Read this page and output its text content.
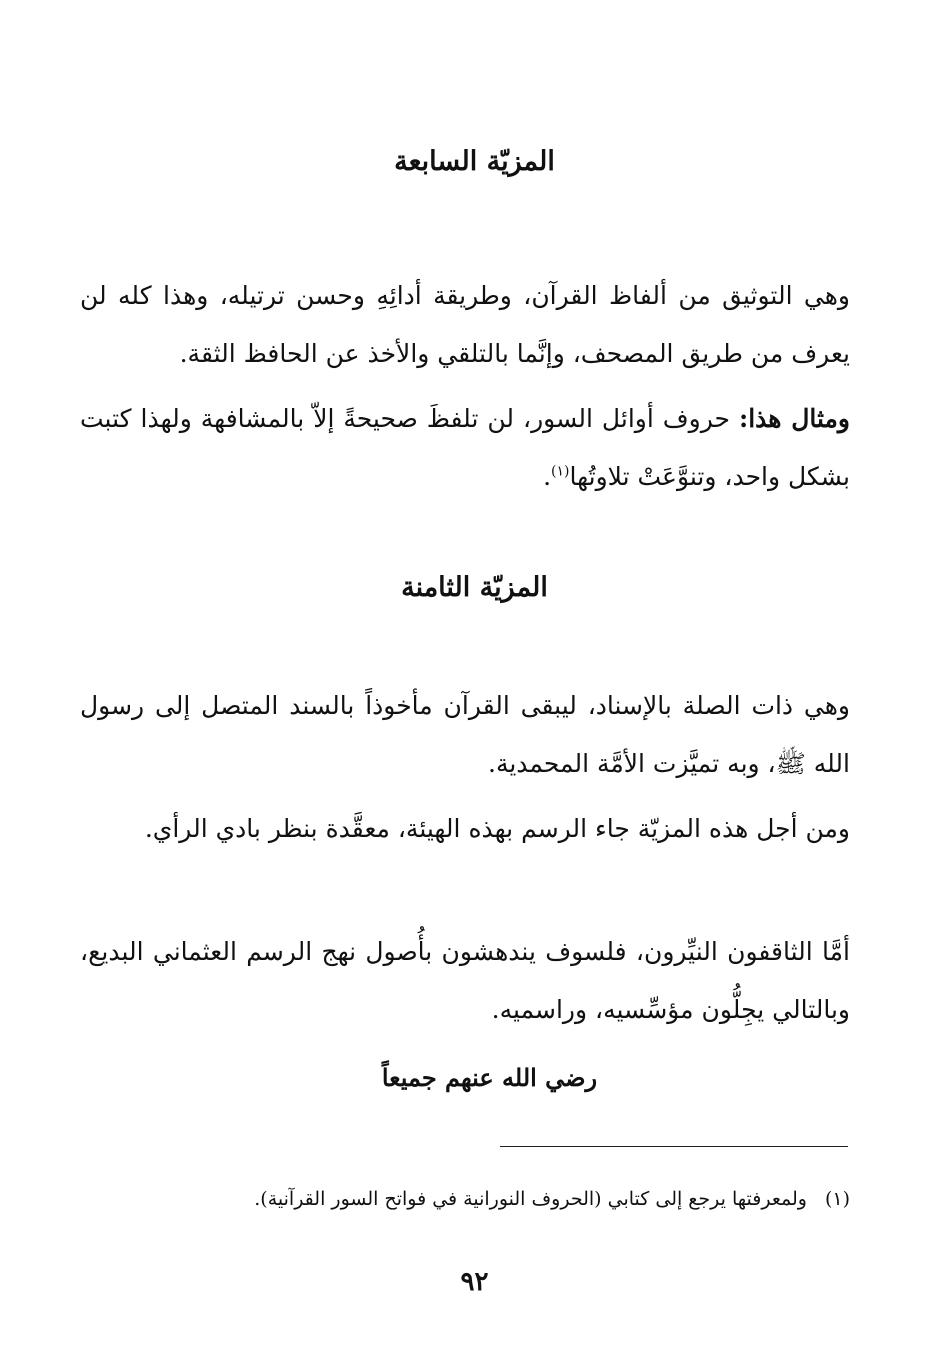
المزيّة السابعة

وهي التوثيق من ألفاظ القرآن، وطريقة أدائِهِ وحسن ترتيله، وهذا كله لن يعرف من طريق المصحف، وإنَّما بالتلقي والأخذ عن الحافظ الثقة.

ومثال هذا: حروف أوائل السور، لن تلفظَ صحيحةً إلاّ بالمشافهة ولهذا كتبت بشكل واحد، وتنوَّعَتْ تلاوتُها$^{(١)}$.

المزيّة الثامنة

وهي ذات الصلة بالإسناد، ليبقى القرآن مأخوذاً بالسند المتصل إلى رسول الله ﷺ، وبه تميَّزت الأمَّة المحمدية.

ومن أجل هذه المزيّة جاء الرسم بهذه الهيئة، معقَّدة بنظر بادي الرأي.

أمَّا الثاقفون النيِّرون، فلسوف يندهشون بأُصول نهج الرسم العثماني البديع، وبالتالي يجِلُّون مؤسِّسيه، وراسميه.

رضي الله عنهم جميعاً
(١)ولمعرفتها يرجع إلى كتابي (الحروف النورانية في فواتح السور القرآنية).
٩٢
